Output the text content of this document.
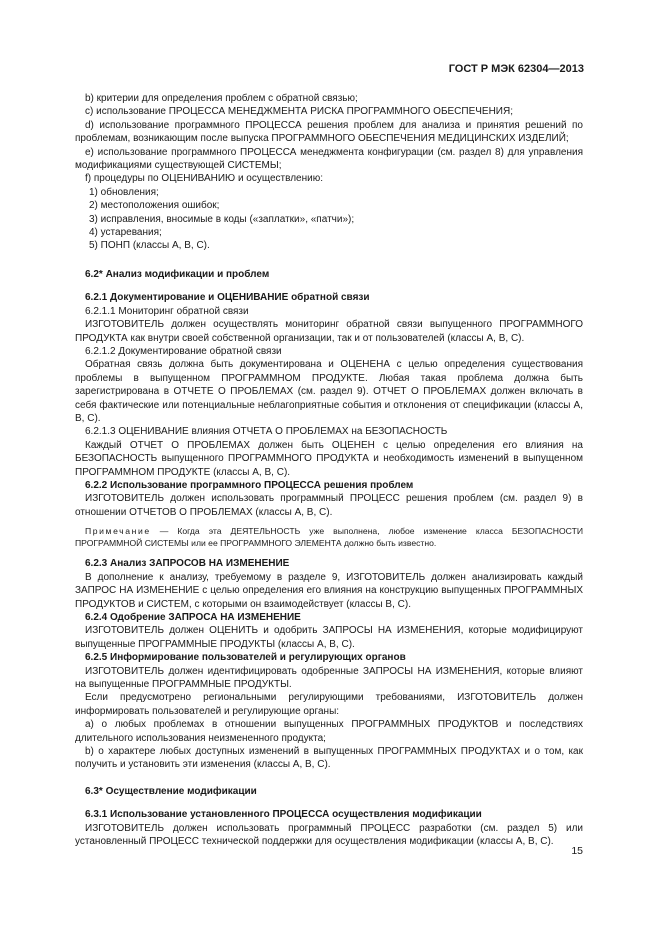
ГОСТ Р МЭК 62304—2013

b) критерии для определения проблем с обратной связью;

c) использование ПРОЦЕССА МЕНЕДЖМЕНТА РИСКА ПРОГРАММНОГО ОБЕСПЕЧЕНИЯ;

d) использование программного ПРОЦЕССА решения проблем для анализа и принятия решений по проблемам, возникающим после выпуска ПРОГРАММНОГО ОБЕСПЕЧЕНИЯ МЕДИЦИНСКИХ ИЗДЕЛИЙ;

e) использование программного ПРОЦЕССА менеджмента конфигурации (см. раздел 8) для управления модификациями существующей СИСТЕМЫ;

f) процедуры по ОЦЕНИВАНИЮ и осуществлению:

1) обновления;

2) местоположения ошибок;

3) исправления, вносимые в коды («заплатки», «патчи»);

4) устаревания;

5) ПОНП (классы A, B, C).

6.2* Анализ модификации и проблем

6.2.1 Документирование и ОЦЕНИВАНИЕ обратной связи

6.2.1.1 Мониторинг обратной связи

ИЗГОТОВИТЕЛЬ должен осуществлять мониторинг обратной связи выпущенного ПРОГРАММНОГО ПРОДУКТА как внутри своей собственной организации, так и от пользователей (классы A, B, C).

6.2.1.2 Документирование обратной связи

Обратная связь должна быть документирована и ОЦЕНЕНА с целью определения существования проблемы в выпущенном ПРОГРАММНОМ ПРОДУКТЕ. Любая такая проблема должна быть зарегистрирована в ОТЧЕТЕ О ПРОБЛЕМАХ (см. раздел 9). ОТЧЕТ О ПРОБЛЕМАХ должен включать в себя фактические или потенциальные неблагоприятные события и отклонения от спецификации (классы A, B, C).

6.2.1.3 ОЦЕНИВАНИЕ влияния ОТЧЕТА О ПРОБЛЕМАХ на БЕЗОПАСНОСТЬ

Каждый ОТЧЕТ О ПРОБЛЕМАХ должен быть ОЦЕНЕН с целью определения его влияния на БЕЗОПАСНОСТЬ выпущенного ПРОГРАММНОГО ПРОДУКТА и необходимость изменений в выпущенном ПРОГРАММНОМ ПРОДУКТЕ (классы A, B, C).

6.2.2 Использование программного ПРОЦЕССА решения проблем

ИЗГОТОВИТЕЛЬ должен использовать программный ПРОЦЕСС решения проблем (см. раздел 9) в отношении ОТЧЕТОВ О ПРОБЛЕМАХ (классы A, B, C).

Примечание — Когда эта ДЕЯТЕЛЬНОСТЬ уже выполнена, любое изменение класса БЕЗОПАСНОСТИ ПРОГРАММНОЙ СИСТЕМЫ или ее ПРОГРАММНОГО ЭЛЕМЕНТА должно быть известно.

6.2.3 Анализ ЗАПРОСОВ НА ИЗМЕНЕНИЕ

В дополнение к анализу, требуемому в разделе 9, ИЗГОТОВИТЕЛЬ должен анализировать каждый ЗАПРОС НА ИЗМЕНЕНИЕ с целью определения его влияния на конструкцию выпущенных ПРОГРАММНЫХ ПРОДУКТОВ и СИСТЕМ, с которыми он взаимодействует (классы B, C).

6.2.4 Одобрение ЗАПРОСА НА ИЗМЕНЕНИЕ

ИЗГОТОВИТЕЛЬ должен ОЦЕНИТЬ и одобрить ЗАПРОСЫ НА ИЗМЕНЕНИЯ, которые модифицируют выпущенные ПРОГРАММНЫЕ ПРОДУКТЫ (классы A, B, C).

6.2.5 Информирование пользователей и регулирующих органов

ИЗГОТОВИТЕЛЬ должен идентифицировать одобренные ЗАПРОСЫ НА ИЗМЕНЕНИЯ, которые влияют на выпущенные ПРОГРАММНЫЕ ПРОДУКТЫ.

Если предусмотрено региональными регулирующими требованиями, ИЗГОТОВИТЕЛЬ должен информировать пользователей и регулирующие органы:

a) о любых проблемах в отношении выпущенных ПРОГРАММНЫХ ПРОДУКТОВ и последствиях длительного использования неизмененного продукта;

b) о характере любых доступных изменений в выпущенных ПРОГРАММНЫХ ПРОДУКТАХ и о том, как получить и установить эти изменения (классы A, B, C).

6.3* Осуществление модификации

6.3.1 Использование установленного ПРОЦЕССА осуществления модификации

ИЗГОТОВИТЕЛЬ должен использовать программный ПРОЦЕСС разработки (см. раздел 5) или установленный ПРОЦЕСС технической поддержки для осуществления модификации (классы A, B, C).

15
